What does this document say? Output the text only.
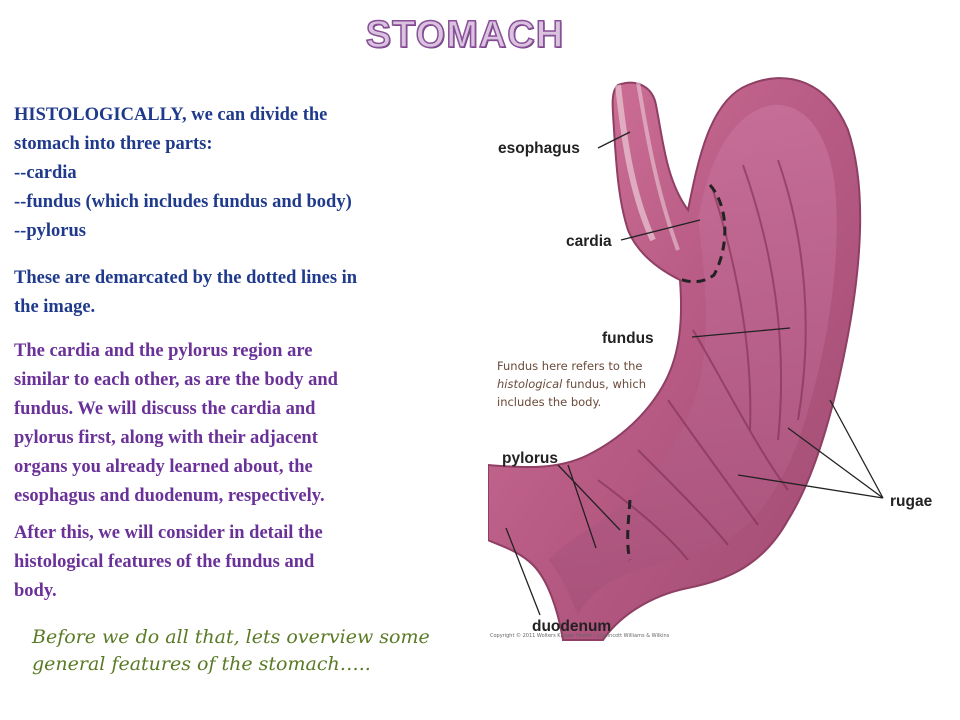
STOMACH

HISTOLOGICALLY, we can divide the
stomach into three parts:
--cardia
--fundus (which includes fundus and body)
--pylorus

These are demarcated by the dotted lines in
the image.

The cardia and the pylorus region are
similar to each other, as are the body and
fundus. We will discuss the cardia and
pylorus first, along with their adjacent
organs you already learned about, the
esophagus and duodenum, respectively.

After this, we will consider in detail the
histological features of the fundus and
body.

Before we do all that, lets overview some
general features of the stomach…..
esophagus
cardia
fundus
pylorus
rugae
duodenum
Fundus here refers to the
histological fundus, which
includes the body.
Copyright © 2011 Wolters Kluwer Health | Lippincott Williams & Wilkins
